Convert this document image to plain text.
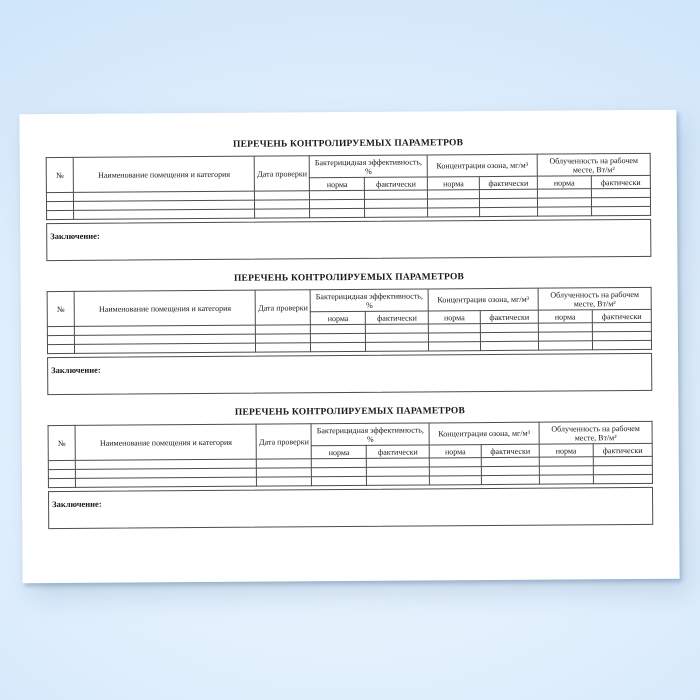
ПЕРЕЧЕНЬ КОНТРОЛИРУЕМЫХ ПАРАМЕТРОВ
№	Наименование помещения и категория	Дата проверки	Бактерицидная эффективность, %		Концентрация озона, мг/м³		Облученность на рабочем месте, Вт/м²	
			норма	фактически	норма	фактически	норма	фактически

Заключение:
ПЕРЕЧЕНЬ КОНТРОЛИРУЕМЫХ ПАРАМЕТРОВ
№	Наименование помещения и категория	Дата проверки	Бактерицидная эффективность, %		Концентрация озона, мг/м³		Облученность на рабочем месте, Вт/м²	
			норма	фактически	норма	фактически	норма	фактически

Заключение:
ПЕРЕЧЕНЬ КОНТРОЛИРУЕМЫХ ПАРАМЕТРОВ
№	Наименование помещения и категория	Дата проверки	Бактерицидная эффективность, %		Концентрация озона, мг/м³		Облученность на рабочем месте, Вт/м²	
			норма	фактически	норма	фактически	норма	фактически

Заключение:
